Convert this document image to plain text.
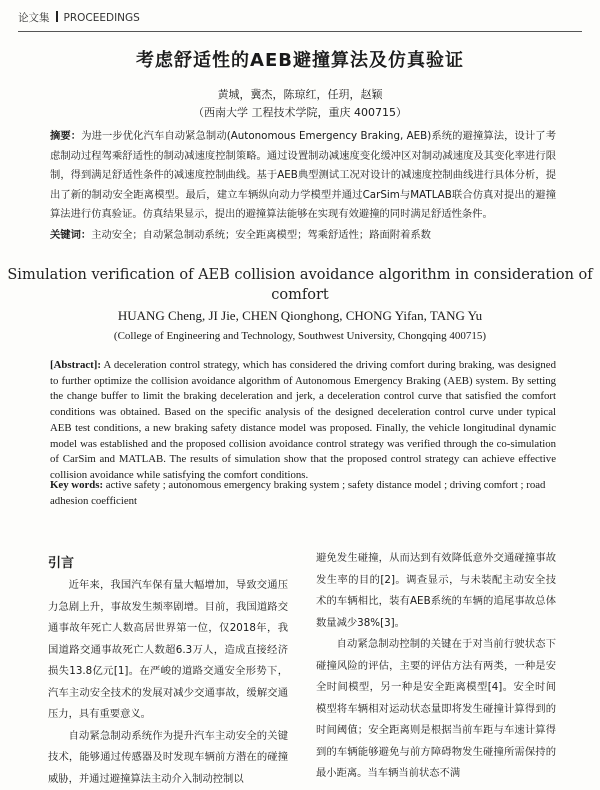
论文集 PROCEEDINGS
考虑舒适性的AEB避撞算法及仿真验证
黄城，冀杰，陈琼红，任玥，赵颖
（西南大学 工程技术学院，重庆 400715）
摘要：为进一步优化汽车自动紧急制动(Autonomous Emergency Braking, AEB)系统的避撞算法，设计了考虑制动过程驾乘舒适性的制动减速度控制策略。通过设置制动减速度变化缓冲区对制动减速度及其变化率进行限制，得到满足舒适性条件的减速度控制曲线。基于AEB典型测试工况对设计的减速度控制曲线进行具体分析，提出了新的制动安全距离模型。最后，建立车辆纵向动力学模型并通过CarSim与MATLAB联合仿真对提出的避撞算法进行仿真验证。仿真结果显示，提出的避撞算法能够在实现有效避撞的同时满足舒适性条件。
关键词：主动安全；自动紧急制动系统；安全距离模型；驾乘舒适性；路面附着系数
Simulation verification of AEB collision avoidance algorithm in consideration of comfort
HUANG Cheng, JI Jie, CHEN Qionghong, CHONG Yifan, TANG Yu
(College of Engineering and Technology, Southwest University, Chongqing 400715)
[Abstract]: A deceleration control strategy, which has considered the driving comfort during braking, was designed to further optimize the collision avoidance algorithm of Autonomous Emergency Braking (AEB) system. By setting the change buffer to limit the braking deceleration and jerk, a deceleration control curve that satisfied the comfort conditions was obtained. Based on the specific analysis of the designed deceleration control curve under typical AEB test conditions, a new braking safety distance model was proposed. Finally, the vehicle longitudinal dynamic model was established and the proposed collision avoidance control strategy was verified through the co-simulation of CarSim and MATLAB. The results of simulation show that the proposed control strategy can achieve effective collision avoidance while satisfying the comfort conditions.
Key words: active safety ; autonomous emergency braking system ; safety distance model ; driving comfort ; road adhesion coefficient
引言

近年来，我国汽车保有量大幅增加，导致交通压力急剧上升，事故发生频率剧增。目前，我国道路交通事故年死亡人数高居世界第一位，仅2018年，我国道路交通事故死亡人数超6.3万人，造成直接经济损失13.8亿元[1]。在严峻的道路交通安全形势下，汽车主动安全技术的发展对减少交通事故，缓解交通压力，具有重要意义。

自动紧急制动系统作为提升汽车主动安全的关键技术，能够通过传感器及时发现车辆前方潜在的碰撞威胁，并通过避撞算法主动介入制动控制以

避免发生碰撞，从而达到有效降低意外交通碰撞事故发生率的目的[2]。调查显示，与未装配主动安全技术的车辆相比，装有AEB系统的车辆的追尾事故总体数量减少38%[3]。

自动紧急制动控制的关键在于对当前行驶状态下碰撞风险的评估，主要的评估方法有两类，一种是安全时间模型，另一种是安全距离模型[4]。安全时间模型将车辆相对运动状态量即将发生碰撞计算得到的时间阈值；安全距离则是根据当前车距与车速计算得到的车辆能够避免与前方障碍物发生碰撞所需保持的最小距离。当车辆当前状态不满
